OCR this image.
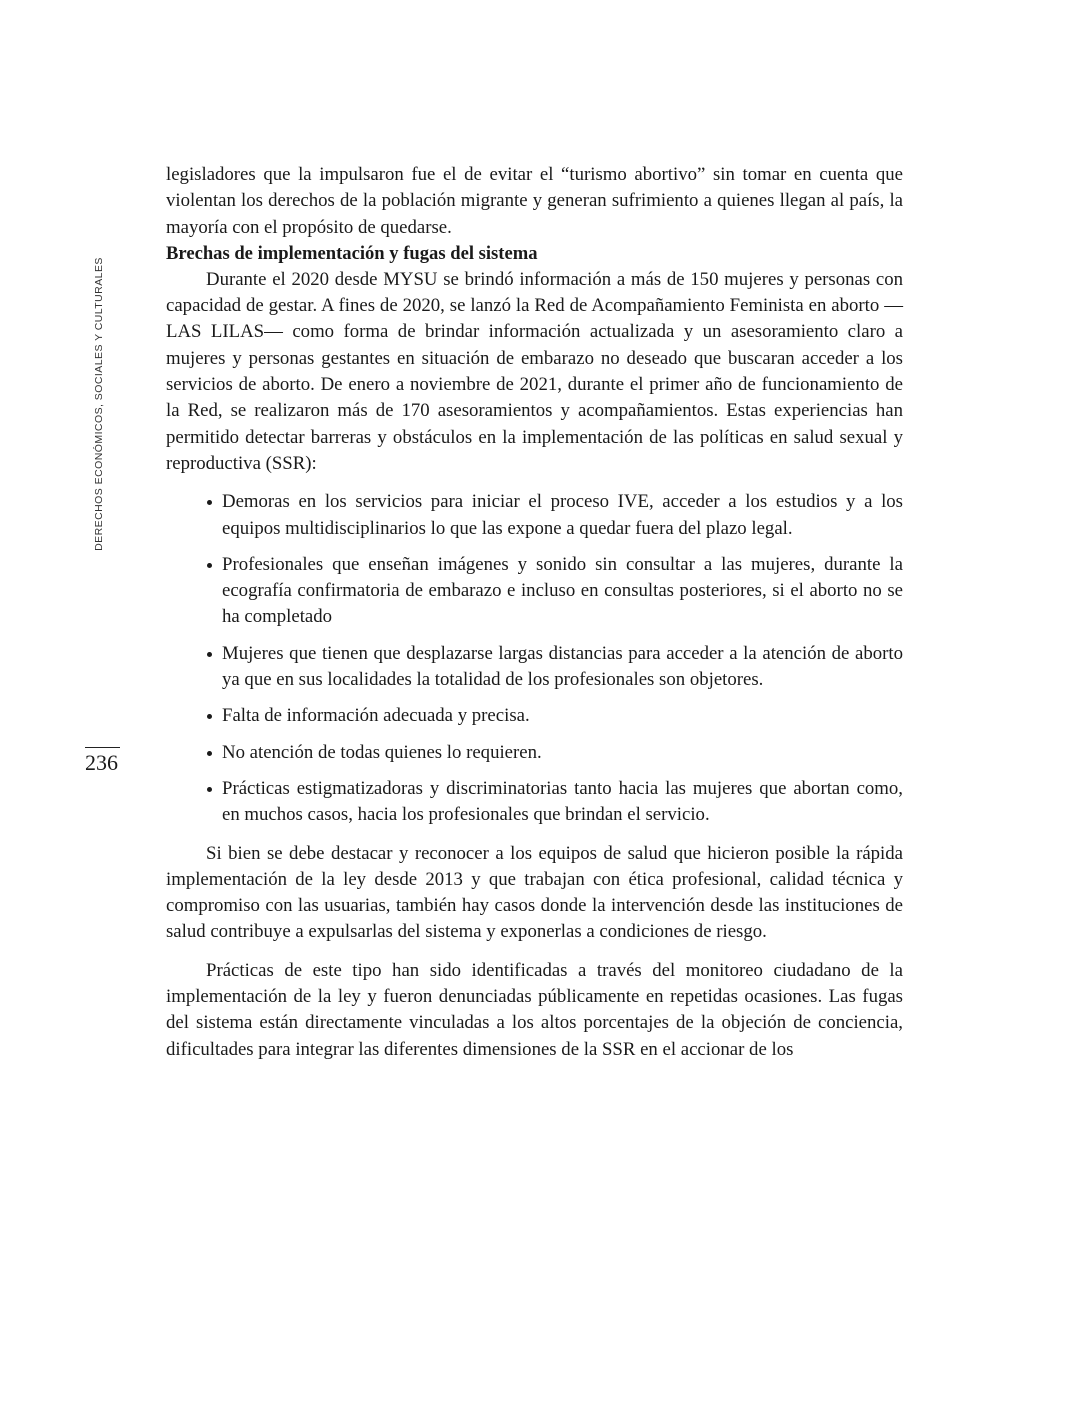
DERECHOS ECONÓMICOS, SOCIALES Y CULTURALES
236

legisladores que la impulsaron fue el de evitar el “turismo abortivo” sin tomar en cuenta que violentan los derechos de la población migrante y generan sufrimiento a quienes llegan al país, la mayoría con el propósito de quedarse.

Brechas de implementación y fugas del sistema

Durante el 2020 desde MYSU se brindó información a más de 150 mujeres y personas con capacidad de gestar. A fines de 2020, se lanzó la Red de Acompañamiento Feminista en aborto —LAS LILAS— como forma de brindar información actualizada y un asesoramiento claro a mujeres y personas gestantes en situación de embarazo no deseado que buscaran acceder a los servicios de aborto. De enero a noviembre de 2021, durante el primer año de funcionamiento de la Red, se realizaron más de 170 asesoramientos y acompañamientos. Estas experiencias han permitido detectar barreras y obstáculos en la implementación de las políticas en salud sexual y reproductiva (SSR):

Demoras en los servicios para iniciar el proceso IVE, acceder a los estudios y a los equipos multidisciplinarios lo que las expone a quedar fuera del plazo legal.
Profesionales que enseñan imágenes y sonido sin consultar a las mujeres, durante la ecografía confirmatoria de embarazo e incluso en consultas posteriores, si el aborto no se ha completado
Mujeres que tienen que desplazarse largas distancias para acceder a la atención de aborto ya que en sus localidades la totalidad de los profesionales son objetores.
Falta de información adecuada y precisa.
No atención de todas quienes lo requieren.
Prácticas estigmatizadoras y discriminatorias tanto hacia las mujeres que abortan como, en muchos casos, hacia los profesionales que brindan el servicio.

Si bien se debe destacar y reconocer a los equipos de salud que hicieron posible la rápida implementación de la ley desde 2013 y que trabajan con ética profesional, calidad técnica y compromiso con las usuarias, también hay casos donde la intervención desde las instituciones de salud contribuye a expulsarlas del sistema y exponerlas a condiciones de riesgo.

Prácticas de este tipo han sido identificadas a través del monitoreo ciudadano de la implementación de la ley y fueron denunciadas públicamente en repetidas ocasiones. Las fugas del sistema están directamente vinculadas a los altos porcentajes de la objeción de conciencia, dificultades para integrar las diferentes dimensiones de la SSR en el accionar de los
